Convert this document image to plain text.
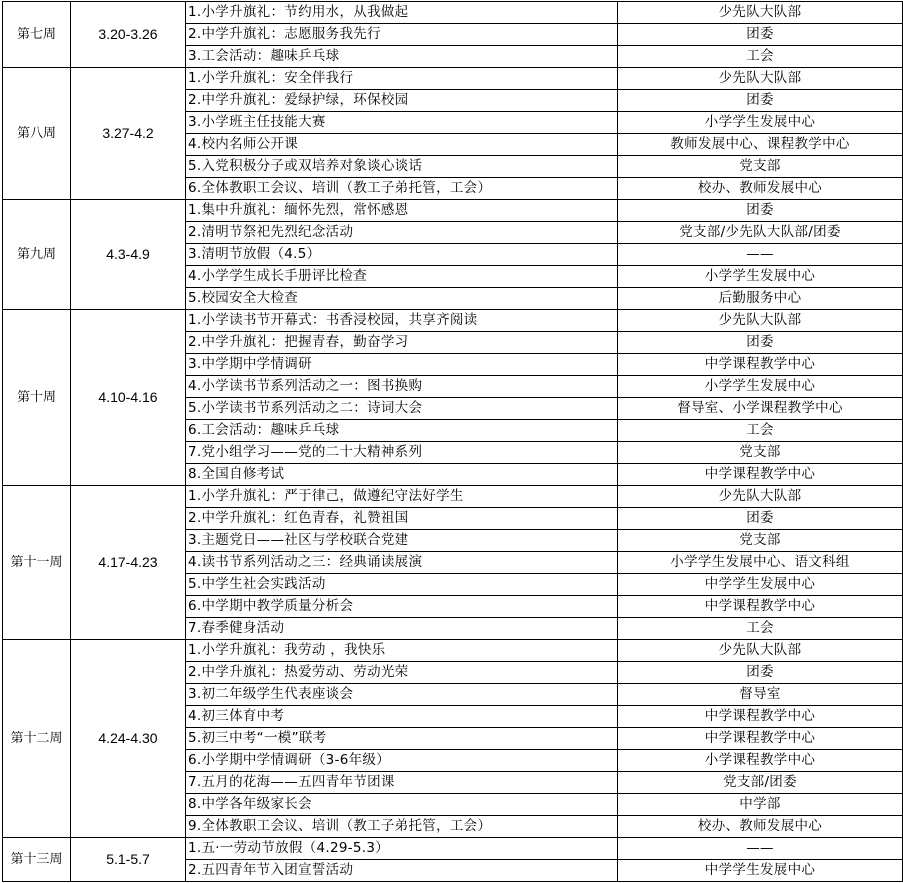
第七周	3.20-3.26	1.小学升旗礼：节约用水，从我做起	少先队大队部
		2.中学升旗礼：志愿服务我先行	团委
		3.工会活动：趣味乒乓球	工会
第八周	3.27-4.2	1.小学升旗礼：安全伴我行	少先队大队部
		2.中学升旗礼：爱绿护绿，环保校园	团委
		3.小学班主任技能大赛	小学学生发展中心
		4.校内名师公开课	教师发展中心、课程教学中心
		5.入党积极分子或双培养对象谈心谈话	党支部
		6.全体教职工会议、培训（教工子弟托管，工会）	校办、教师发展中心
第九周	4.3-4.9	1.集中升旗礼：缅怀先烈，常怀感恩	团委
		2.清明节祭祀先烈纪念活动	党支部/少先队大队部/团委
		3.清明节放假（4.5）	——
		4.小学学生成长手册评比检查	小学学生发展中心
		5.校园安全大检查	后勤服务中心
第十周	4.10-4.16	1.小学读书节开幕式：书香浸校园，共享齐阅读	少先队大队部
		2.中学升旗礼：把握青春，勤奋学习	团委
		3.中学期中学情调研	中学课程教学中心
		4.小学读书节系列活动之一：图书换购	小学学生发展中心
		5.小学读书节系列活动之二：诗词大会	督导室、小学课程教学中心
		6.工会活动：趣味乒乓球	工会
		7.党小组学习——党的二十大精神系列	党支部
		8.全国自修考试	中学课程教学中心
第十一周	4.17-4.23	1.小学升旗礼：严于律己，做遵纪守法好学生	少先队大队部
		2.中学升旗礼：红色青春，礼赞祖国	团委
		3.主题党日——社区与学校联合党建	党支部
		4.读书节系列活动之三：经典诵读展演	小学学生发展中心、语文科组
		5.中学生社会实践活动	中学学生发展中心
		6.中学期中教学质量分析会	中学课程教学中心
		7.春季健身活动	工会
第十二周	4.24-4.30	1.小学升旗礼：我劳动 ，我快乐	少先队大队部
		2.中学升旗礼：热爱劳动、劳动光荣	团委
		3.初二年级学生代表座谈会	督导室
		4.初三体育中考	中学课程教学中心
		5.初三中考“一模”联考	中学课程教学中心
		6.小学期中学情调研（3-6年级）	小学课程教学中心
		7.五月的花海——五四青年节团课	党支部/团委
		8.中学各年级家长会	中学部
		9.全体教职工会议、培训（教工子弟托管，工会）	校办、教师发展中心
第十三周	5.1-5.7	1.五·一劳动节放假（4.29-5.3）	——
		2.五四青年节入团宣誓活动	中学学生发展中心
